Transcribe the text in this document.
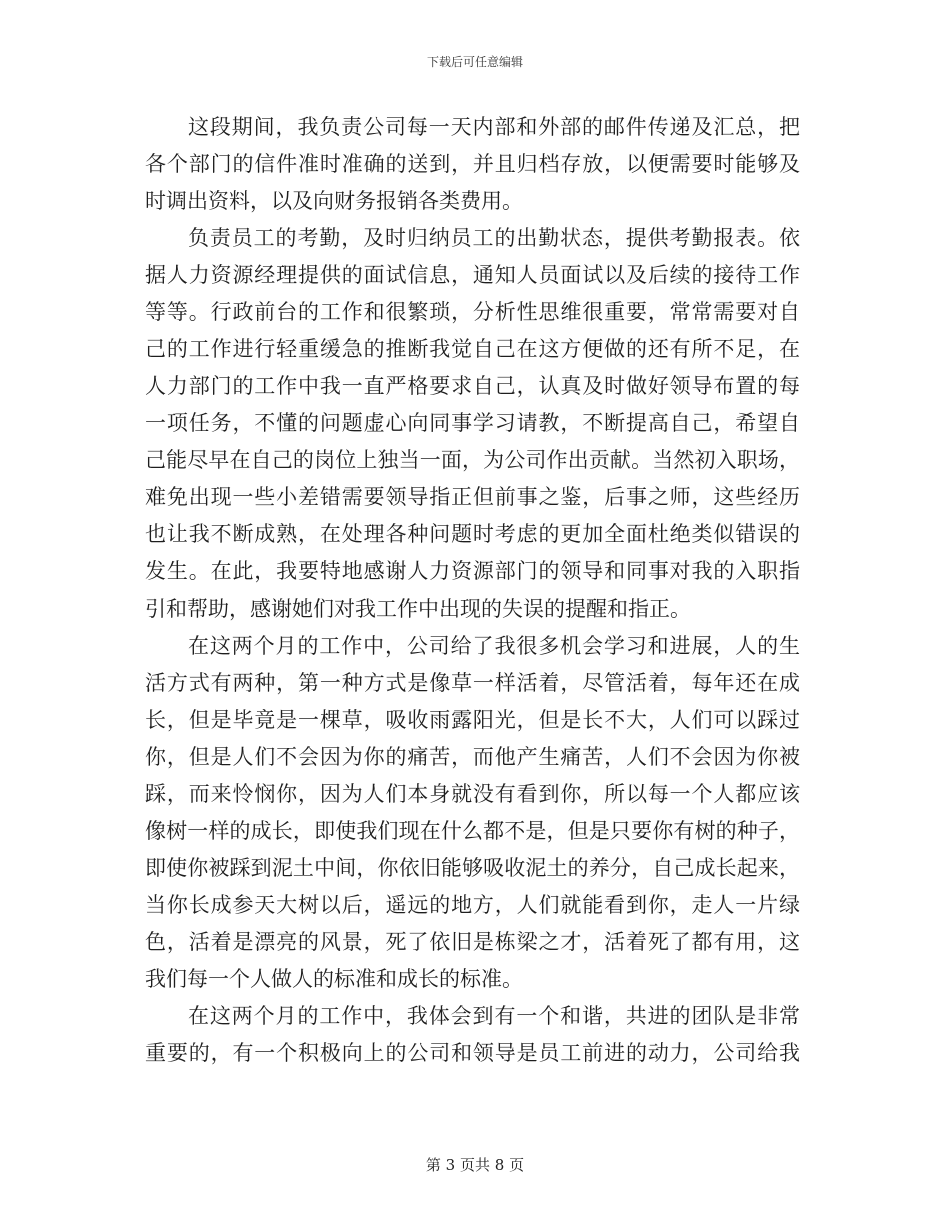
下载后可任意编辑
这段期间，我负责公司每一天内部和外部的邮件传递及汇总，把
各个部门的信件准时准确的送到，并且归档存放，以便需要时能够及
时调出资料，以及向财务报销各类费用。
负责员工的考勤，及时归纳员工的出勤状态，提供考勤报表。依
据人力资源经理提供的面试信息，通知人员面试以及后续的接待工作
等等。行政前台的工作和很繁琐，分析性思维很重要，常常需要对自
己的工作进行轻重缓急的推断我觉自己在这方便做的还有所不足，在
人力部门的工作中我一直严格要求自己，认真及时做好领导布置的每
一项任务，不懂的问题虚心向同事学习请教，不断提高自己，希望自
己能尽早在自己的岗位上独当一面，为公司作出贡献。当然初入职场，
难免出现一些小差错需要领导指正但前事之鉴，后事之师，这些经历
也让我不断成熟，在处理各种问题时考虑的更加全面杜绝类似错误的
发生。在此，我要特地感谢人力资源部门的领导和同事对我的入职指
引和帮助，感谢她们对我工作中出现的失误的提醒和指正。
在这两个月的工作中，公司给了我很多机会学习和进展，人的生
活方式有两种，第一种方式是像草一样活着，尽管活着，每年还在成
长，但是毕竟是一棵草，吸收雨露阳光，但是长不大，人们可以踩过
你，但是人们不会因为你的痛苦，而他产生痛苦，人们不会因为你被
踩，而来怜悯你，因为人们本身就没有看到你，所以每一个人都应该
像树一样的成长，即使我们现在什么都不是，但是只要你有树的种子，
即使你被踩到泥土中间，你依旧能够吸收泥土的养分，自己成长起来，
当你长成参天大树以后，遥远的地方，人们就能看到你，走人一片绿
色，活着是漂亮的风景，死了依旧是栋梁之才，活着死了都有用，这
我们每一个人做人的标准和成长的标准。
在这两个月的工作中，我体会到有一个和谐，共进的团队是非常
重要的，有一个积极向上的公司和领导是员工前进的动力，公司给我
第 3 页共 8 页
